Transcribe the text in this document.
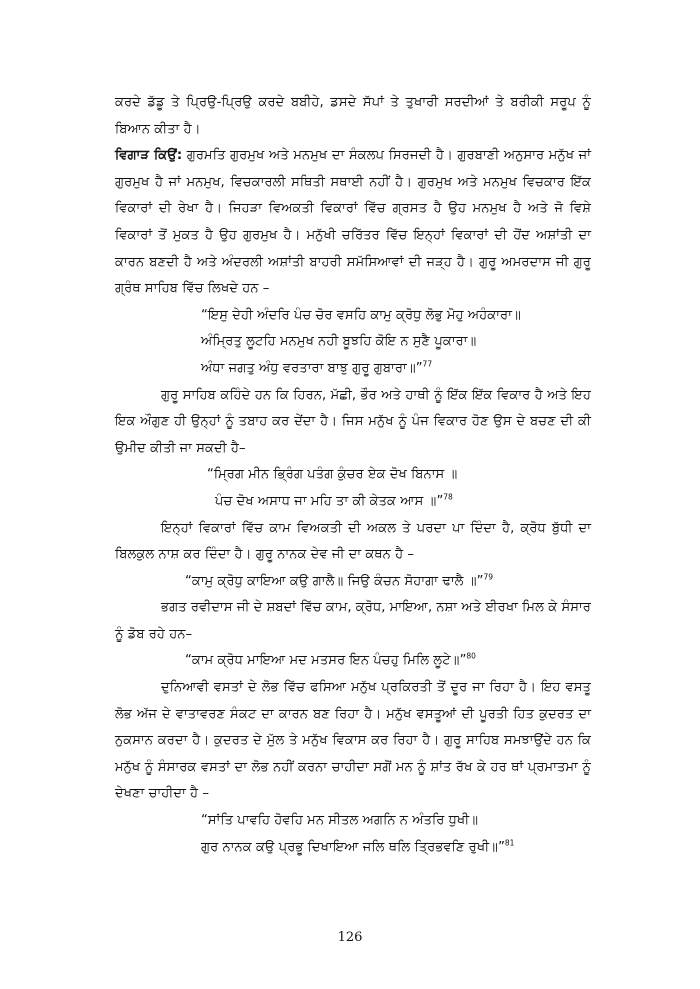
ਕਰਦੇ ਡੱਡੂ ਤੇ ਪ੍ਰਿਉ-ਪ੍ਰਿਉ ਕਰਦੇ ਬਬੀਹੇ, ਡਸਦੇ ਸੱਪਾਂ ਤੇ ਤੁਖਾਰੀ ਸਰਦੀਆਂ ਤੇ ਬਰੀਕੀ ਸਰੂਪ ਨੂੰ ਬਿਆਨ ਕੀਤਾ ਹੈ।

ਵਿਗਾੜ ਕਿਉਂ: ਗੁਰਮਤਿ ਗੁਰਮੁਖ ਅਤੇ ਮਨਮੁਖ ਦਾ ਸੰਕਲਪ ਸਿਰਜਦੀ ਹੈ। ਗੁਰਬਾਣੀ ਅਨੁਸਾਰ ਮਨੁੱਖ ਜਾਂ ਗੁਰਮੁਖ ਹੈ ਜਾਂ ਮਨਮੁਖ, ਵਿਚਕਾਰਲੀ ਸਥਿਤੀ ਸਥਾਈ ਨਹੀਂ ਹੈ। ਗੁਰਮੁਖ ਅਤੇ ਮਨਮੁਖ ਵਿਚਕਾਰ ਇੱਕ ਵਿਕਾਰਾਂ ਦੀ ਰੇਖਾ ਹੈ। ਜਿਹੜਾ ਵਿਅਕਤੀ ਵਿਕਾਰਾਂ ਵਿੱਚ ਗ੍ਰਸਤ ਹੈ ਉਹ ਮਨਮੁਖ ਹੈ ਅਤੇ ਜੋ ਵਿਸ਼ੇ ਵਿਕਾਰਾਂ ਤੋਂ ਮੁਕਤ ਹੈ ਉਹ ਗੁਰਮੁਖ ਹੈ। ਮਨੁੱਖੀ ਚਰਿੱਤਰ ਵਿੱਚ ਇਨ੍ਹਾਂ ਵਿਕਾਰਾਂ ਦੀ ਹੋਂਦ ਅਸ਼ਾਂਤੀ ਦਾ ਕਾਰਨ ਬਣਦੀ ਹੈ ਅਤੇ ਅੰਦਰਲੀ ਅਸ਼ਾਂਤੀ ਬਾਹਰੀ ਸਮੱਸਿਆਵਾਂ ਦੀ ਜੜ੍ਹ ਹੈ। ਗੁਰੂ ਅਮਰਦਾਸ ਜੀ ਗੁਰੂ ਗ੍ਰੰਥ ਸਾਹਿਬ ਵਿੱਚ ਲਿਖਦੇ ਹਨ –

“ਇਸੁ ਦੇਹੀ ਅੰਦਰਿ ਪੰਚ ਚੋਰ ਵਸਹਿ ਕਾਮੁ ਕ੍ਰੋਧੁ ਲੋਭੁ ਮੋਹੁ ਅਹੰਕਾਰਾ॥
ਅੰਮ੍ਰਿਤੁ ਲੂਟਹਿ ਮਨਮੁਖ ਨਹੀ ਬੂਝਹਿ ਕੋਇ ਨ ਸੁਣੈ ਪੂਕਾਰਾ॥
ਅੰਧਾ ਜਗਤੁ ਅੰਧੁ ਵਰਤਾਰਾ ਬਾਝੁ ਗੁਰੂ ਗੁਬਾਰਾ॥”$^{77}$

ਗੁਰੂ ਸਾਹਿਬ ਕਹਿੰਦੇ ਹਨ ਕਿ ਹਿਰਨ, ਮੱਛੀ, ਭੌਰ ਅਤੇ ਹਾਥੀ ਨੂੰ ਇੱਕ ਇੱਕ ਵਿਕਾਰ ਹੈ ਅਤੇ ਇਹ ਇਕ ਔਗੁਣ ਹੀ ਉਨ੍ਹਾਂ ਨੂੰ ਤਬਾਹ ਕਰ ਦੇਂਦਾ ਹੈ। ਜਿਸ ਮਨੁੱਖ ਨੂੰ ਪੰਜ ਵਿਕਾਰ ਹੋਣ ਉਸ ਦੇ ਬਚਣ ਦੀ ਕੀ ਉਮੀਦ ਕੀਤੀ ਜਾ ਸਕਦੀ ਹੈ–

“ਮ੍ਰਿਗ ਮੀਨ ਭ੍ਰਿੰਗ ਪਤੰਗ ਕੁੰਚਰ ਏਕ ਦੋਖ ਬਿਨਾਸ ॥
ਪੰਚ ਦੋਖ ਅਸਾਧ ਜਾ ਮਹਿ ਤਾ ਕੀ ਕੇਤਕ ਆਸ ॥”$^{78}$

ਇਨ੍ਹਾਂ ਵਿਕਾਰਾਂ ਵਿੱਚ ਕਾਮ ਵਿਅਕਤੀ ਦੀ ਅਕਲ ਤੇ ਪਰਦਾ ਪਾ ਦਿੰਦਾ ਹੈ, ਕ੍ਰੋਧ ਬੁੱਧੀ ਦਾ ਬਿਲਕੁਲ ਨਾਸ਼ ਕਰ ਦਿੰਦਾ ਹੈ। ਗੁਰੂ ਨਾਨਕ ਦੇਵ ਜੀ ਦਾ ਕਥਨ ਹੈ –

“ਕਾਮੁ ਕ੍ਰੋਧੁ ਕਾਇਆ ਕਉ ਗਾਲੈ॥ ਜਿਉ ਕੰਚਨ ਸੋਹਾਗਾ ਢਾਲੈ ॥”$^{79}$

ਭਗਤ ਰਵੀਦਾਸ ਜੀ ਦੇ ਸ਼ਬਦਾਂ ਵਿੱਚ ਕਾਮ, ਕ੍ਰੋਧ, ਮਾਇਆ, ਨਸ਼ਾ ਅਤੇ ਈਰਖਾ ਮਿਲ ਕੇ ਸੰਸਾਰ ਨੂੰ ਡੋਬ ਰਹੇ ਹਨ–

“ਕਾਮ ਕ੍ਰੋਧ ਮਾਇਆ ਮਦ ਮਤਸਰ ਇਨ ਪੰਚਹੁ ਮਿਲਿ ਲੂਟੇ॥”$^{80}$

ਦੁਨਿਆਵੀ ਵਸਤਾਂ ਦੇ ਲੋਭ ਵਿੱਚ ਫਸਿਆ ਮਨੁੱਖ ਪ੍ਰਕਿਰਤੀ ਤੋਂ ਦੂਰ ਜਾ ਰਿਹਾ ਹੈ। ਇਹ ਵਸਤੂ ਲੋਭ ਅੱਜ ਦੇ ਵਾਤਾਵਰਣ ਸੰਕਟ ਦਾ ਕਾਰਨ ਬਣ ਰਿਹਾ ਹੈ। ਮਨੁੱਖ ਵਸਤੂਆਂ ਦੀ ਪੂਰਤੀ ਹਿਤ ਕੁਦਰਤ ਦਾ ਨੁਕਸਾਨ ਕਰਦਾ ਹੈ। ਕੁਦਰਤ ਦੇ ਮੁੱਲ ਤੇ ਮਨੁੱਖ ਵਿਕਾਸ ਕਰ ਰਿਹਾ ਹੈ। ਗੁਰੂ ਸਾਹਿਬ ਸਮਝਾਉਂਦੇ ਹਨ ਕਿ ਮਨੁੱਖ ਨੂੰ ਸੰਸਾਰਕ ਵਸਤਾਂ ਦਾ ਲੋਭ ਨਹੀਂ ਕਰਨਾ ਚਾਹੀਦਾ ਸਗੋਂ ਮਨ ਨੂੰ ਸ਼ਾਂਤ ਰੱਖ ਕੇ ਹਰ ਥਾਂ ਪ੍ਰਮਾਤਮਾ ਨੂੰ ਦੇਖਣਾ ਚਾਹੀਦਾ ਹੈ –

“ਸਾਂਤਿ ਪਾਵਹਿ ਹੋਵਹਿ ਮਨ ਸੀਤਲ ਅਗਨਿ ਨ ਅੰਤਰਿ ਧੁਖੀ॥
ਗੁਰ ਨਾਨਕ ਕਉ ਪ੍ਰਭੂ ਦਿਖਾਇਆ ਜਲਿ ਥਲਿ ਤ੍ਰਿਭਵਣਿ ਰੁਖੀ॥”$^{81}$
126
